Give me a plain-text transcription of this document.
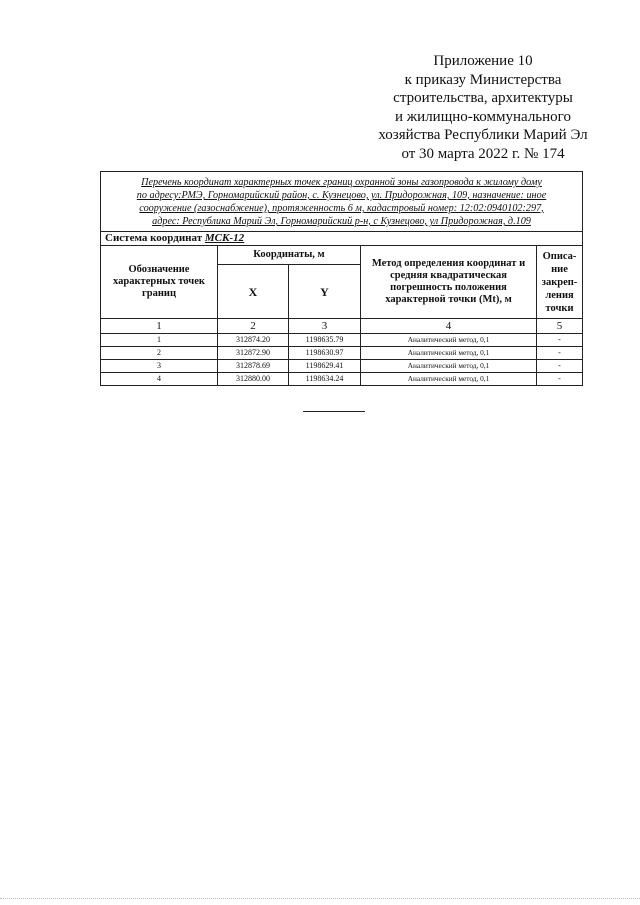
Приложение 10
к приказу Министерства
строительства, архитектуры
и жилищно-коммунального
хозяйства Республики Марий Эл
от 30 марта 2022 г. № 174
Перечень координат характерных точек границ охранной зоны газопровода к жилому дому
по адресу:РМЭ, Горномарийский район, с. Кузнецово, ул. Придорожная, 109, назначение: иное
сооружение (газоснабжение), протяженность 6 м, кадастровый номер: 12:02:0940102:297,
адрес: Республика Марий Эл, Горномарийский р-н, с Кузнецово, ул Придорожная, д.109				

Система координат МСК-12				
Обозначение характерных точек границ	Координаты, м		Метод определения координат и средняя квадратическая погрешность положения характерной точки (Mt), м	Описа-ние закреп-ления точки
	X	Y		
1	2	3	4	5
1	312874.20	1198635.79	Аналитический метод, 0,1	-
2	312872.90	1198630.97	Аналитический метод, 0,1	-
3	312878.69	1198629.41	Аналитический метод, 0,1	-
4	312880.00	1198634.24	Аналитический метод, 0,1	-
